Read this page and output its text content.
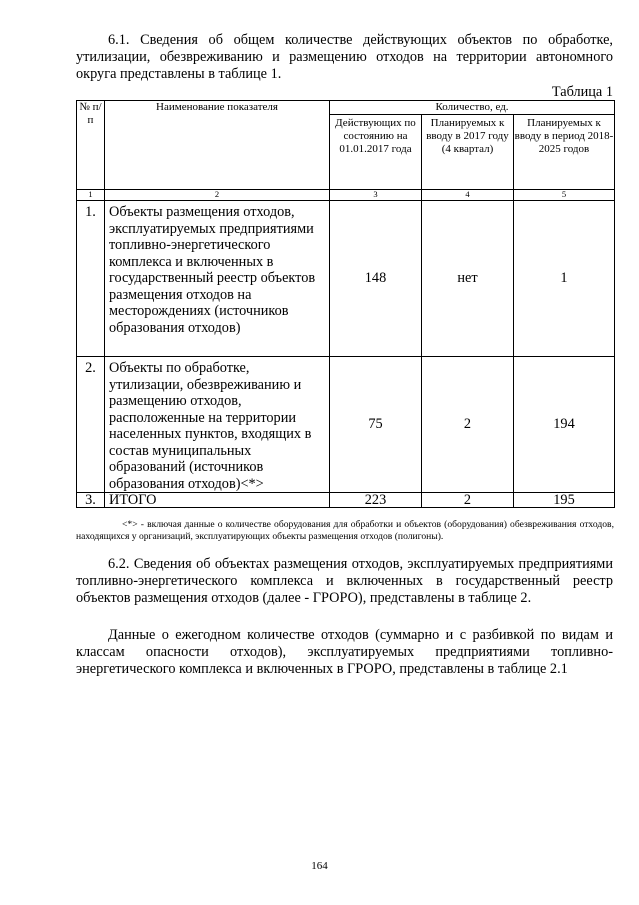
6.1. Сведения об общем количестве действующих объектов по обработке, утилизации, обезвреживанию и размещению отходов на территории автономного округа представлены в таблице 1.

Таблица 1
№ п/п	Наименование показателя	Количество, ед.		
		Действующих по состоянию на 01.01.2017 года	Планируемых к вводу в 2017 году (4 квартал)	Планируемых к вводу в период 2018-2025 годов
1	2	3	4	5
1.	Объекты размещения отходов, эксплуатируемых предприятиями топливно-энергетического комплекса и включенных в государственный реестр объектов размещения отходов на месторождениях (источников образования отходов)	148	нет	1
2.	Объекты по обработке, утилизации, обезвреживанию и размещению отходов, расположенные на территории населенных пунктов, входящих в состав муниципальных образований (источников образования отходов)<*>	75	2	194
3.	ИТОГО	223	2	195

<*> - включая данные о количестве оборудования для обработки и объектов (оборудования) обезвреживания отходов, находящихся у организаций, эксплуатирующих объекты размещения отходов (полигоны).

6.2. Сведения об объектах размещения отходов, эксплуатируемых предприятиями топливно-энергетического комплекса и включенных в государственный реестр объектов размещения отходов (далее - ГРОРО), представлены в таблице 2.

Данные о ежегодном количестве отходов (суммарно и с разбивкой по видам и классам опасности отходов), эксплуатируемых предприятиями топливно-энергетического комплекса и включенных в ГРОРО, представлены в таблице 2.1

164
